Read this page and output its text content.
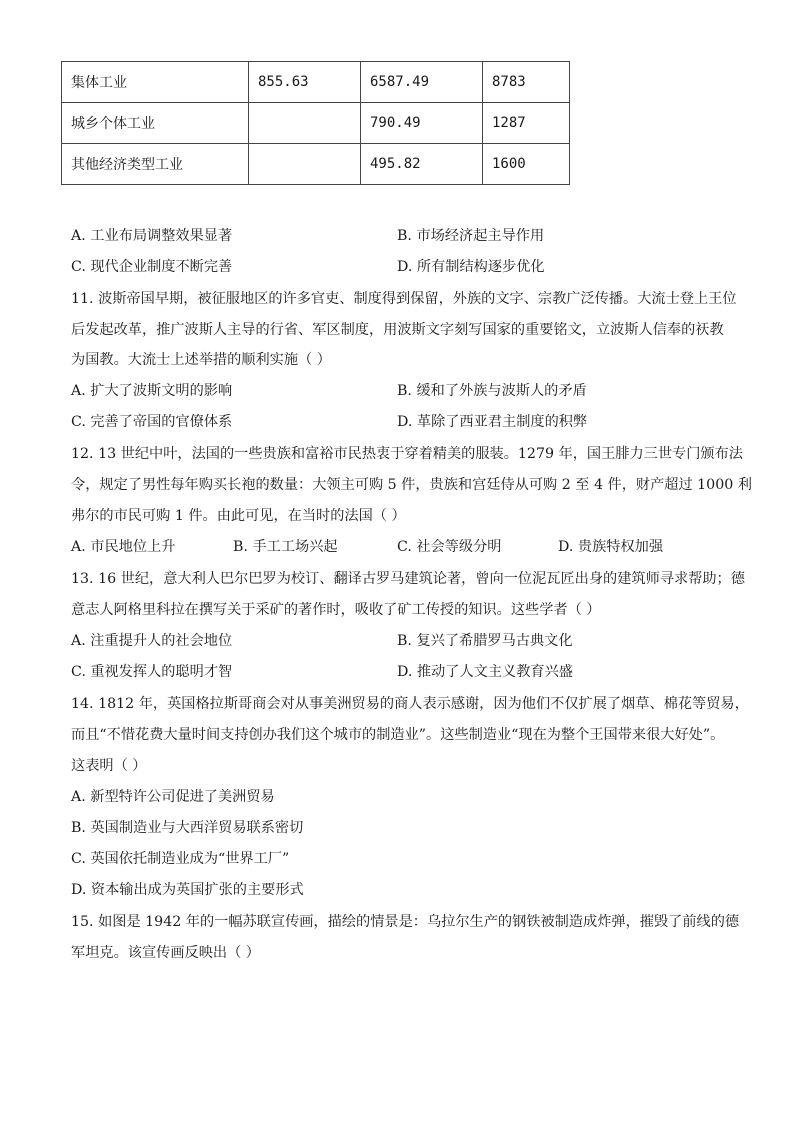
集体工业	855.63	6587.49	8783
城乡个体工业		790.49	1287
其他经济类型工业		495.82	1600
A. 工业布局调整效果显著	B. 市场经济起主导作用
C. 现代企业制度不断完善	D. 所有制结构逐步优化
11. 波斯帝国早期，被征服地区的许多官吏、制度得到保留，外族的文字、宗教广泛传播。大流士登上王位
后发起改革，推广波斯人主导的行省、军区制度，用波斯文字刻写国家的重要铭文，立波斯人信奉的祆教
为国教。大流士上述举措的顺利实施（ ）
A. 扩大了波斯文明的影响	B. 缓和了外族与波斯人的矛盾
C. 完善了帝国的官僚体系	D. 革除了西亚君主制度的积弊
12. 13 世纪中叶，法国的一些贵族和富裕市民热衷于穿着精美的服装。1279 年，国王腓力三世专门颁布法
令，规定了男性每年购买长袍的数量：大领主可购 5 件，贵族和宫廷侍从可购 2 至 4 件，财产超过 1000 利
弗尔的市民可购 1 件。由此可见，在当时的法国（ ）
A. 市民地位上升	B. 手工工场兴起	C. 社会等级分明	D. 贵族特权加强
13. 16 世纪，意大利人巴尔巴罗为校订、翻译古罗马建筑论著，曾向一位泥瓦匠出身的建筑师寻求帮助；德
意志人阿格里科拉在撰写关于采矿的著作时，吸收了矿工传授的知识。这些学者（ ）
A. 注重提升人的社会地位	B. 复兴了希腊罗马古典文化
C. 重视发挥人的聪明才智	D. 推动了人文主义教育兴盛
14. 1812 年，英国格拉斯哥商会对从事美洲贸易的商人表示感谢，因为他们不仅扩展了烟草、棉花等贸易，
而且“不惜花费大量时间支持创办我们这个城市的制造业”。这些制造业“现在为整个王国带来很大好处”。
这表明（ ）
A. 新型特许公司促进了美洲贸易
B. 英国制造业与大西洋贸易联系密切
C. 英国依托制造业成为“世界工厂”
D. 资本输出成为英国扩张的主要形式
15. 如图是 1942 年的一幅苏联宣传画，描绘的情景是：乌拉尔生产的钢铁被制造成炸弹，摧毁了前线的德
军坦克。该宣传画反映出（ ）
